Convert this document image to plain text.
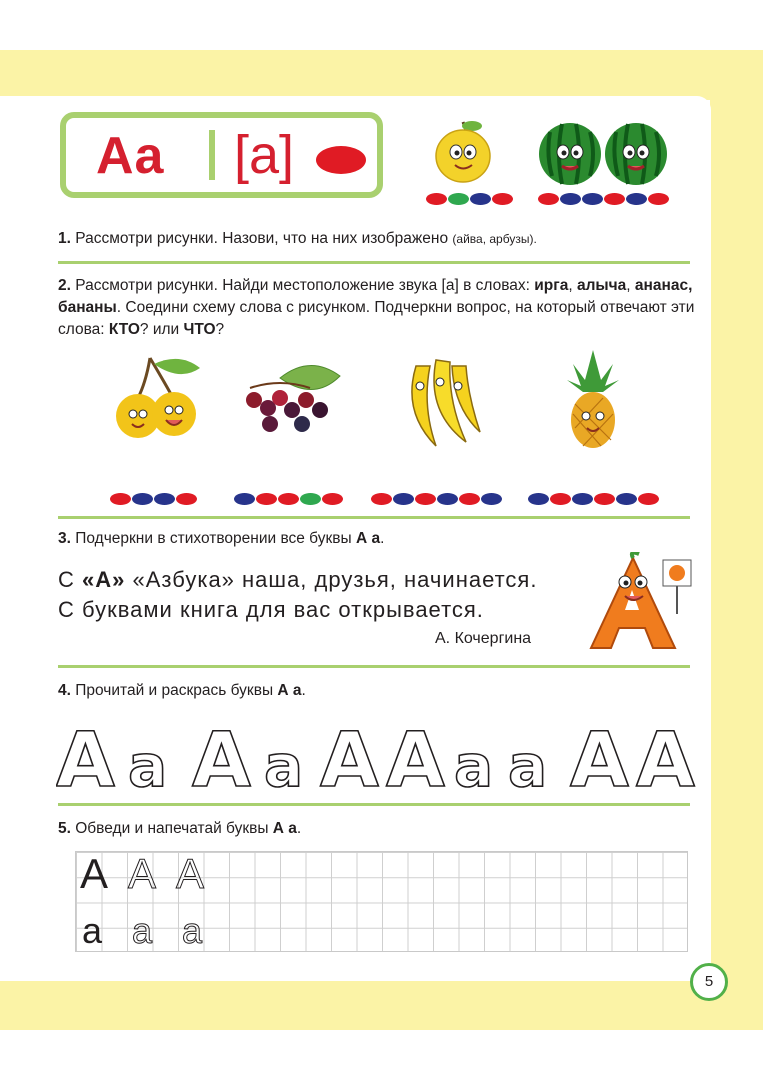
Aa [а]
1. Рассмотри рисунки. Назови, что на них изображено (айва, арбузы).
2. Рассмотри рисунки. Найди местоположение звука [а] в словах: ирга, алыча, ананас, бананы. Соедини схему слова с рисунком. Подчеркни вопрос, на который отвечают эти слова: КТО? или ЧТО?
3. Подчеркни в стихотворении все буквы А а.
С «А» «Азбука» наша, друзья, начинается.
С буквами книга для вас открывается.
А. Кочергина
4. Прочитай и раскрась буквы А а.
A a A a A A a a A A
5. Обведи и напечатай буквы А а.
A A A
a a a
5
